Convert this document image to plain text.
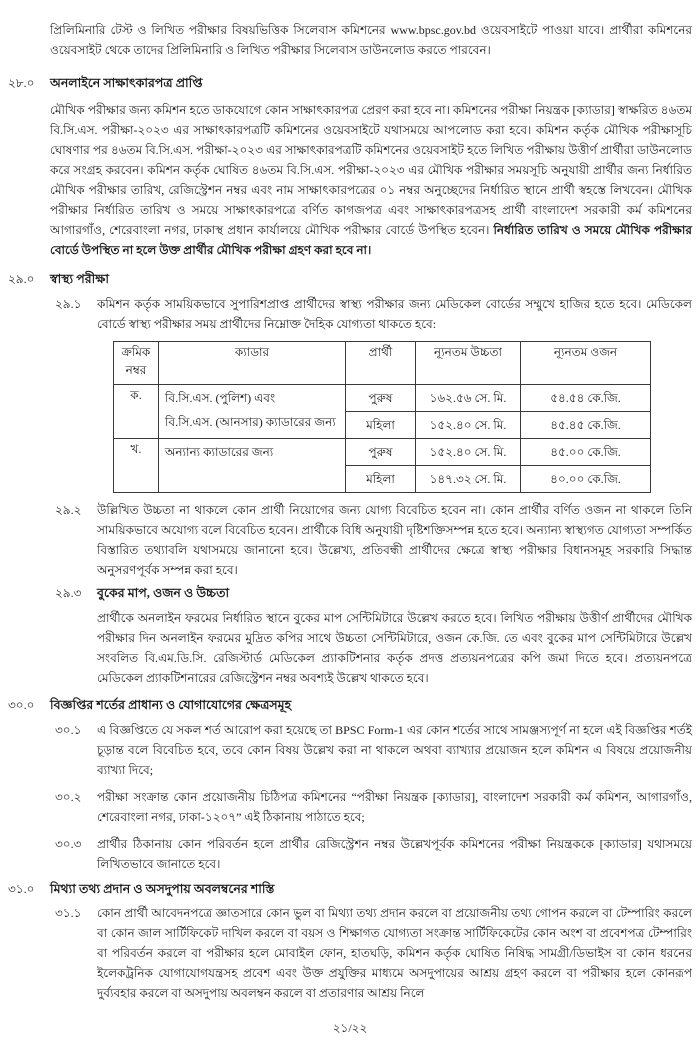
প্রিলিমিনারি টেস্ট ও লিখিত পরীক্ষার বিষয়ভিত্তিক সিলেবাস কমিশনের www.bpsc.gov.bd ওয়েবসাইটে পাওয়া যাবে। প্রার্থীরা কমিশনের ওয়েবসাইট থেকে তাদের প্রিলিমিনারি ও লিখিত পরীক্ষার সিলেবাস ডাউনলোড করতে পারবেন।

২৮.০	অনলাইনে সাক্ষাৎকারপত্র প্রাপ্তি

মৌখিক পরীক্ষার জন্য কমিশন হতে ডাকযোগে কোন সাক্ষাৎকারপত্র প্রেরণ করা হবে না। কমিশনের পরীক্ষা নিয়ন্ত্রক [ক্যাডার] স্বাক্ষরিত ৪৬তম বি.সি.এস. পরীক্ষা-২০২৩ এর সাক্ষাৎকারপত্রটি কমিশনের ওয়েবসাইটে যথাসময়ে আপলোড করা হবে। কমিশন কর্তৃক মৌখিক পরীক্ষাসূচি ঘোষণার পর ৪৬তম বি.সি.এস. পরীক্ষা-২০২৩ এর সাক্ষাৎকারপত্রটি কমিশনের ওয়েবসাইট হতে লিখিত পরীক্ষায় উত্তীর্ণ প্রার্থীরা ডাউনলোড করে সংগ্রহ করবেন। কমিশন কর্তৃক ঘোষিত ৪৬তম বি.সি.এস. পরীক্ষা-২০২৩ এর মৌখিক পরীক্ষার সময়সূচি অনুযায়ী প্রার্থীর জন্য নির্ধারিত মৌখিক পরীক্ষার তারিখ, রেজিস্ট্রেশন নম্বর এবং নাম সাক্ষাৎকারপত্রের ০১ নম্বর অনুচ্ছেদের নির্ধারিত স্থানে প্রার্থী স্বহস্তে লিখবেন। মৌখিক পরীক্ষার নির্ধারিত তারিখ ও সময়ে সাক্ষাৎকারপত্রে বর্ণিত কাগজপত্র এবং সাক্ষাৎকারপত্রসহ প্রার্থী বাংলাদেশ সরকারী কর্ম কমিশনের আগারগাঁও, শেরেবাংলা নগর, ঢাকাস্থ প্রধান কার্যালয়ে মৌখিক পরীক্ষার বোর্ডে উপস্থিত হবেন। নির্ধারিত তারিখ ও সময়ে মৌখিক পরীক্ষার বোর্ডে উপস্থিত না হলে উক্ত প্রার্থীর মৌখিক পরীক্ষা গ্রহণ করা হবে না।

২৯.০	স্বাস্থ্য পরীক্ষা
২৯.১	কমিশন কর্তৃক সাময়িকভাবে সুপারিশপ্রাপ্ত প্রার্থীদের স্বাস্থ্য পরীক্ষার জন্য মেডিকেল বোর্ডের সম্মুখে হাজির হতে হবে। মেডিকেল বোর্ডে স্বাস্থ্য পরীক্ষার সময় প্রার্থীদের নিম্নোক্ত দৈহিক যোগ্যতা থাকতে হবে:

ক্রমিক নম্বর	ক্যাডার	প্রার্থী	ন্যূনতম উচ্চতা	ন্যূনতম ওজন
ক.	বি.সি.এস. (পুলিশ) এবং
বি.সি.এস. (আনসার) ক্যাডারের জন্য	পুরুষ	১৬২.৫৬ সে. মি.	৫৪.৫৪ কে.জি.
		মহিলা	১৫২.৪০ সে. মি.	৪৫.৪৫ কে.জি.
খ.	অন্যান্য ক্যাডারের জন্য	পুরুষ	১৫২.৪০ সে. মি.	৪৫.০০ কে.জি.
		মহিলা	১৪৭.৩২ সে. মি.	৪০.০০ কে.জি.
২৯.২	উল্লিখিত উচ্চতা না থাকলে কোন প্রার্থী নিয়োগের জন্য যোগ্য বিবেচিত হবেন না। কোন প্রার্থীর বর্ণিত ওজন না থাকলে তিনি সাময়িকভাবে অযোগ্য বলে বিবেচিত হবেন। প্রার্থীকে বিধি অনুযায়ী দৃষ্টিশক্তিসম্পন্ন হতে হবে। অন্যান্য স্বাস্থ্যগত যোগ্যতা সম্পর্কিত বিস্তারিত তথ্যাবলি যথাসময়ে জানানো হবে। উল্লেখ্য, প্রতিবন্ধী প্রার্থীদের ক্ষেত্রে স্বাস্থ্য পরীক্ষার বিধানসমূহ সরকারি সিদ্ধান্ত অনুসরণপূর্বক সম্পন্ন করা হবে।

২৯.৩	বুকের মাপ, ওজন ও উচ্চতা

প্রার্থীকে অনলাইন ফরমের নির্ধারিত স্থানে বুকের মাপ সেন্টিমিটারে উল্লেখ করতে হবে। লিখিত পরীক্ষায় উত্তীর্ণ প্রার্থীদের মৌখিক পরীক্ষার দিন অনলাইন ফরমের মুদ্রিত কপির সাথে উচ্চতা সেন্টিমিটারে, ওজন কে.জি. তে এবং বুকের মাপ সেন্টিমিটারে উল্লেখ সংবলিত বি.এম.ডি.সি. রেজিস্টার্ড মেডিকেল প্র্যাকটিশনার কর্তৃক প্রদত্ত প্রত্যয়নপত্রের কপি জমা দিতে হবে। প্রত্যয়নপত্রে মেডিকেল প্র্যাকটিশনারের রেজিস্ট্রেশন নম্বর অবশ্যই উল্লেখ থাকতে হবে।

৩০.০	বিজ্ঞপ্তির শর্তের প্রাধান্য ও যোগাযোগের ক্ষেত্রসমূহ
৩০.১	এ বিজ্ঞপ্তিতে যে সকল শর্ত আরোপ করা হয়েছে তা BPSC Form-1 এর কোন শর্তের সাথে সামঞ্জস্যপূর্ণ না হলে এই বিজ্ঞপ্তির শর্তই চূড়ান্ত বলে বিবেচিত হবে, তবে কোন বিষয় উল্লেখ করা না থাকলে অথবা ব্যাখ্যার প্রয়োজন হলে কমিশন এ বিষয়ে প্রয়োজনীয় ব্যাখ্যা দিবে;

৩০.২	পরীক্ষা সংক্রান্ত কোন প্রয়োজনীয় চিঠিপত্র কমিশনের “পরীক্ষা নিয়ন্ত্রক [ক্যাডার], বাংলাদেশ সরকারী কর্ম কমিশন, আগারগাঁও, শেরেবাংলা নগর, ঢাকা-১২০৭” এই ঠিকানায় পাঠাতে হবে;

৩০.৩	প্রার্থীর ঠিকানায় কোন পরিবর্তন হলে প্রার্থীর রেজিস্ট্রেশন নম্বর উল্লেখপূর্বক কমিশনের পরীক্ষা নিয়ন্ত্রককে [ক্যাডার] যথাসময়ে লিখিতভাবে জানাতে হবে।

৩১.০	মিথ্যা তথ্য প্রদান ও অসদুপায় অবলম্বনের শাস্তি
৩১.১	কোন প্রার্থী আবেদনপত্রে জ্ঞাতসারে কোন ভুল বা মিথ্যা তথ্য প্রদান করলে বা প্রয়োজনীয় তথ্য গোপন করলে বা টেম্পারিং করলে বা কোন জাল সার্টিফিকেট দাখিল করলে বা বয়স ও শিক্ষাগত যোগ্যতা সংক্রান্ত সার্টিফিকেটের কোন অংশ বা প্রবেশপত্র টেম্পারিং বা পরিবর্তন করলে বা পরীক্ষার হলে মোবাইল ফোন, হাতঘড়ি, কমিশন কর্তৃক ঘোষিত নিষিদ্ধ সামগ্রী/ডিভাইস বা কোন ধরনের ইলেকট্রনিক যোগাযোগযন্ত্রসহ প্রবেশ এবং উক্ত প্রযুক্তির মাধ্যমে অসদুপায়ের আশ্রয় গ্রহণ করলে বা পরীক্ষার হলে কোনরূপ দুর্ব্যবহার করলে বা অসদুপায় অবলম্বন করলে বা প্রতারণার আশ্রয় নিলে

২১/২২
